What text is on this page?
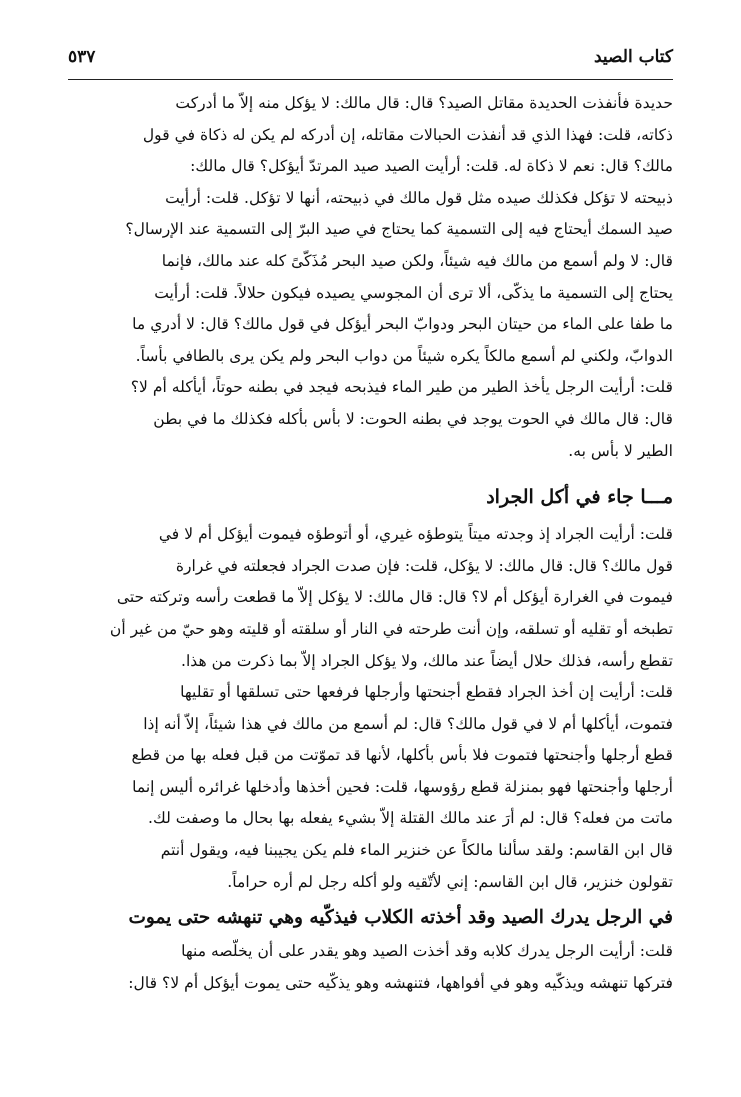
كتاب الصيد
٥٣٧

حديدة فأنفذت الحديدة مقاتل الصيد؟ قال: قال مالك: لا يؤكل منه إلاّ ما أدركت

ذكاته، قلت: فهذا الذي قد أنفذت الحبالات مقاتله، إن أدركه لم يكن له ذكاة في قول

مالك؟ قال: نعم لا ذكاة له. قلت: أرأيت الصيد صيد المرتدّ أيؤكل؟ قال مالك:

ذبيحته لا تؤكل فكذلك صيده مثل قول مالك في ذبيحته، أنها لا تؤكل. قلت: أرأيت

صيد السمك أيحتاج فيه إلى التسمية كما يحتاج في صيد البرّ إلى التسمية عند الإرسال؟

قال: لا ولم أسمع من مالك فيه شيئاً، ولكن صيد البحر مُذَكّىً كله عند مالك، فإنما

يحتاج إلى التسمية ما يذكّى، ألا ترى أن المجوسي يصيده فيكون حلالاً. قلت: أرأيت

ما طفا على الماء من حيتان البحر ودوابّ البحر أيؤكل في قول مالك؟ قال: لا أدري ما

الدوابّ، ولكني لم أسمع مالكاً يكره شيئاً من دواب البحر ولم يكن يرى بالطافي بأساً.

قلت: أرأيت الرجل يأخذ الطير من طير الماء فيذبحه فيجد في بطنه حوتاً، أيأكله أم لا؟

قال: قال مالك في الحوت يوجد في بطنه الحوت: لا بأس بأكله فكذلك ما في بطن

الطير لا بأس به.

مـــا جاء في أكل الجراد

قلت: أرأيت الجراد إذ وجدته ميتاً يتوطؤه غيري، أو أتوطؤه فيموت أيؤكل أم لا في

قول مالك؟ قال: قال مالك: لا يؤكل، قلت: فإن صدت الجراد فجعلته في غرارة

فيموت في الغرارة أيؤكل أم لا؟ قال: قال مالك: لا يؤكل إلاّ ما قطعت رأسه وتركته حتى

تطبخه أو تقليه أو تسلقه، وإن أنت طرحته في النار أو سلقته أو قليته وهو حيّ من غير أن

تقطع رأسه، فذلك حلال أيضاً عند مالك، ولا يؤكل الجراد إلاّ بما ذكرت من هذا.

قلت: أرأيت إن أخذ الجراد فقطع أجنحتها وأرجلها فرفعها حتى تسلقها أو تقليها

فتموت، أيأكلها أم لا في قول مالك؟ قال: لم أسمع من مالك في هذا شيئاً، إلاّ أنه إذا

قطع أرجلها وأجنحتها فتموت فلا بأس بأكلها، لأنها قد تموّتت من قبل فعله بها من قطع

أرجلها وأجنحتها فهو بمنزلة قطع رؤوسها، قلت: فحين أخذها وأدخلها غرائره أليس إنما

ماتت من فعله؟ قال: لم أرَ عند مالك القتلة إلاّ بشيء يفعله بها بحال ما وصفت لك.

قال ابن القاسم: ولقد سألنا مالكاً عن خنزير الماء فلم يكن يجيبنا فيه، ويقول أنتم

تقولون خنزير، قال ابن القاسم: إني لأتّقيه ولو أكله رجل لم أره حراماً.

في الرجل يدرك الصيد وقد أخذته الكلاب فيذكّيه وهي تنهشه حتى يموت

قلت: أرأيت الرجل يدرك كلابه وقد أخذت الصيد وهو يقدر على أن يخلّصه منها

فتركها تنهشه ويذكّيه وهو في أفواهها، فتنهشه وهو يذكّيه حتى يموت أيؤكل أم لا؟ قال:
